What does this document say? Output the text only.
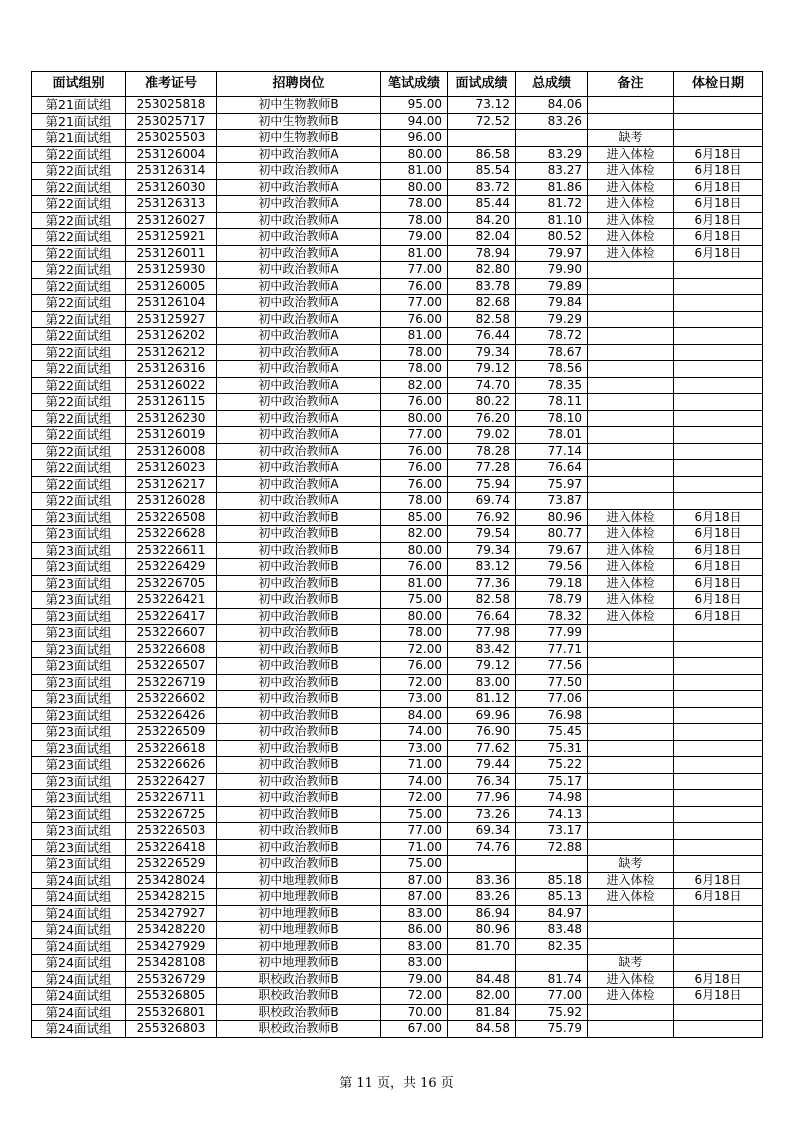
面试组别	准考证号	招聘岗位	笔试成绩	面试成绩	总成绩	备注	体检日期
第21面试组	253025818	初中生物教师B	95.00	73.12	84.06		
第21面试组	253025717	初中生物教师B	94.00	72.52	83.26		
第21面试组	253025503	初中生物教师B	96.00			缺考	
第22面试组	253126004	初中政治教师A	80.00	86.58	83.29	进入体检	6月18日
第22面试组	253126314	初中政治教师A	81.00	85.54	83.27	进入体检	6月18日
第22面试组	253126030	初中政治教师A	80.00	83.72	81.86	进入体检	6月18日
第22面试组	253126313	初中政治教师A	78.00	85.44	81.72	进入体检	6月18日
第22面试组	253126027	初中政治教师A	78.00	84.20	81.10	进入体检	6月18日
第22面试组	253125921	初中政治教师A	79.00	82.04	80.52	进入体检	6月18日
第22面试组	253126011	初中政治教师A	81.00	78.94	79.97	进入体检	6月18日
第22面试组	253125930	初中政治教师A	77.00	82.80	79.90		
第22面试组	253126005	初中政治教师A	76.00	83.78	79.89		
第22面试组	253126104	初中政治教师A	77.00	82.68	79.84		
第22面试组	253125927	初中政治教师A	76.00	82.58	79.29		
第22面试组	253126202	初中政治教师A	81.00	76.44	78.72		
第22面试组	253126212	初中政治教师A	78.00	79.34	78.67		
第22面试组	253126316	初中政治教师A	78.00	79.12	78.56		
第22面试组	253126022	初中政治教师A	82.00	74.70	78.35		
第22面试组	253126115	初中政治教师A	76.00	80.22	78.11		
第22面试组	253126230	初中政治教师A	80.00	76.20	78.10		
第22面试组	253126019	初中政治教师A	77.00	79.02	78.01		
第22面试组	253126008	初中政治教师A	76.00	78.28	77.14		
第22面试组	253126023	初中政治教师A	76.00	77.28	76.64		
第22面试组	253126217	初中政治教师A	76.00	75.94	75.97		
第22面试组	253126028	初中政治教师A	78.00	69.74	73.87		
第23面试组	253226508	初中政治教师B	85.00	76.92	80.96	进入体检	6月18日
第23面试组	253226628	初中政治教师B	82.00	79.54	80.77	进入体检	6月18日
第23面试组	253226611	初中政治教师B	80.00	79.34	79.67	进入体检	6月18日
第23面试组	253226429	初中政治教师B	76.00	83.12	79.56	进入体检	6月18日
第23面试组	253226705	初中政治教师B	81.00	77.36	79.18	进入体检	6月18日
第23面试组	253226421	初中政治教师B	75.00	82.58	78.79	进入体检	6月18日
第23面试组	253226417	初中政治教师B	80.00	76.64	78.32	进入体检	6月18日
第23面试组	253226607	初中政治教师B	78.00	77.98	77.99		
第23面试组	253226608	初中政治教师B	72.00	83.42	77.71		
第23面试组	253226507	初中政治教师B	76.00	79.12	77.56		
第23面试组	253226719	初中政治教师B	72.00	83.00	77.50		
第23面试组	253226602	初中政治教师B	73.00	81.12	77.06		
第23面试组	253226426	初中政治教师B	84.00	69.96	76.98		
第23面试组	253226509	初中政治教师B	74.00	76.90	75.45		
第23面试组	253226618	初中政治教师B	73.00	77.62	75.31		
第23面试组	253226626	初中政治教师B	71.00	79.44	75.22		
第23面试组	253226427	初中政治教师B	74.00	76.34	75.17		
第23面试组	253226711	初中政治教师B	72.00	77.96	74.98		
第23面试组	253226725	初中政治教师B	75.00	73.26	74.13		
第23面试组	253226503	初中政治教师B	77.00	69.34	73.17		
第23面试组	253226418	初中政治教师B	71.00	74.76	72.88		
第23面试组	253226529	初中政治教师B	75.00			缺考	
第24面试组	253428024	初中地理教师B	87.00	83.36	85.18	进入体检	6月18日
第24面试组	253428215	初中地理教师B	87.00	83.26	85.13	进入体检	6月18日
第24面试组	253427927	初中地理教师B	83.00	86.94	84.97		
第24面试组	253428220	初中地理教师B	86.00	80.96	83.48		
第24面试组	253427929	初中地理教师B	83.00	81.70	82.35		
第24面试组	253428108	初中地理教师B	83.00			缺考	
第24面试组	255326729	职校政治教师B	79.00	84.48	81.74	进入体检	6月18日
第24面试组	255326805	职校政治教师B	72.00	82.00	77.00	进入体检	6月18日
第24面试组	255326801	职校政治教师B	70.00	81.84	75.92		
第24面试组	255326803	职校政治教师B	67.00	84.58	75.79		
第 11 页，共 16 页
